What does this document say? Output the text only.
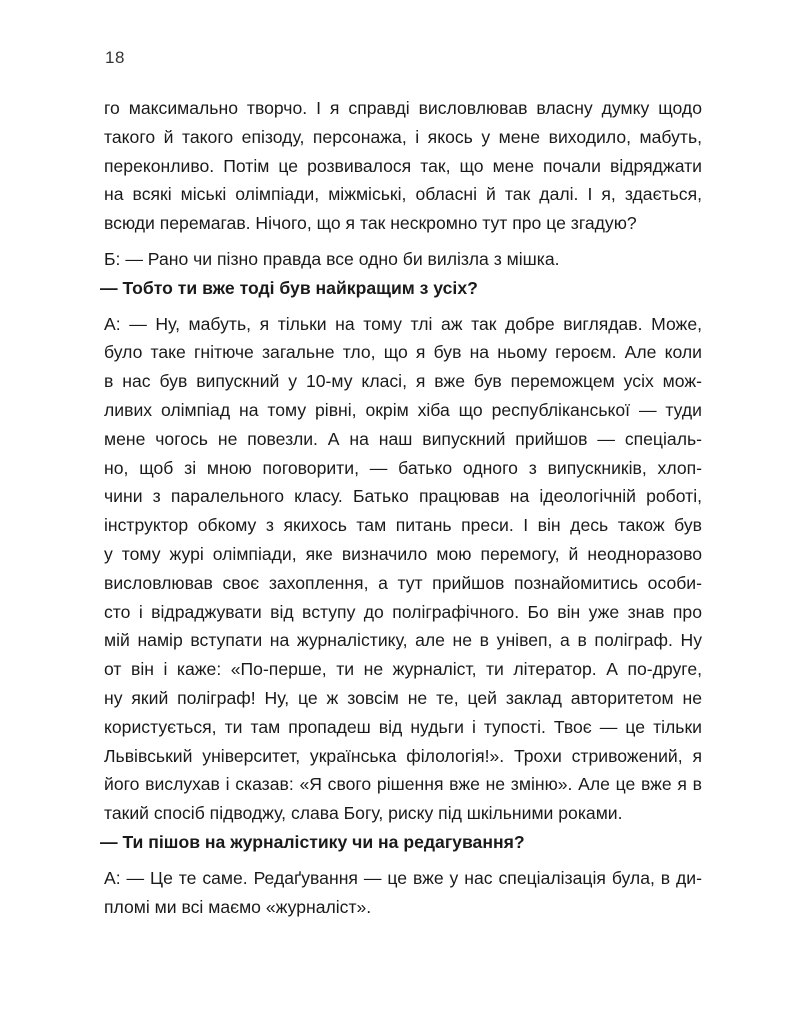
18

го максимально творчо. І я справді висловлював власну думку щодо
такого й такого епізоду, персонажа, і якось у мене виходило, мабуть,
переконливо. Потім це розвивалося так, що мене почали відряджати
на всякі міські олімпіади, міжміські, обласні й так далі. І я, здається,
всюди перемагав. Нічого, що я так нескромно тут про це згадую?

Б: — Рано чи пізно правда все одно би вилізла з мішка.

— Тобто ти вже тоді був найкращим з усіх?

А: — Ну, мабуть, я тільки на тому тлі аж так добре виглядав. Може,
було таке гнітюче загальне тло, що я був на ньому героєм. Але коли
в нас був випускний у 10-му класі, я вже був переможцем усіх мож-
ливих олімпіад на тому рівні, окрім хіба що республіканської — туди
мене чогось не повезли. А на наш випускний прийшов — спеціаль-
но, щоб зі мною поговорити, — батько одного з випускників, хлоп-
чини з паралельного класу. Батько працював на ідеологічній роботі,
інструктор обкому з якихось там питань преси. І він десь також був
у тому журі олімпіади, яке визначило мою перемогу, й неодноразово
висловлював своє захоплення, а тут прийшов познайомитись особи-
сто і відраджувати від вступу до поліграфічного. Бо він уже знав про
мій намір вступати на журналістику, але не в унівеп, а в поліграф. Ну
от він і каже: «По-перше, ти не журналіст, ти літератор. А по-друге,
ну який поліграф! Ну, це ж зовсім не те, цей заклад авторитетом не
користується, ти там пропадеш від нудьги і тупості. Твоє — це тільки
Львівський університет, українська філологія!». Трохи стривожений, я
його вислухав і сказав: «Я свого рішення вже не зміню». Але це вже я в
такий спосіб підводжу, слава Богу, риску під шкільними роками.

— Ти пішов на журналістику чи на редагування?

А: — Це те саме. Редаґування — це вже у нас спеціалізація була, в ди-
пломі ми всі маємо «журналіст».
